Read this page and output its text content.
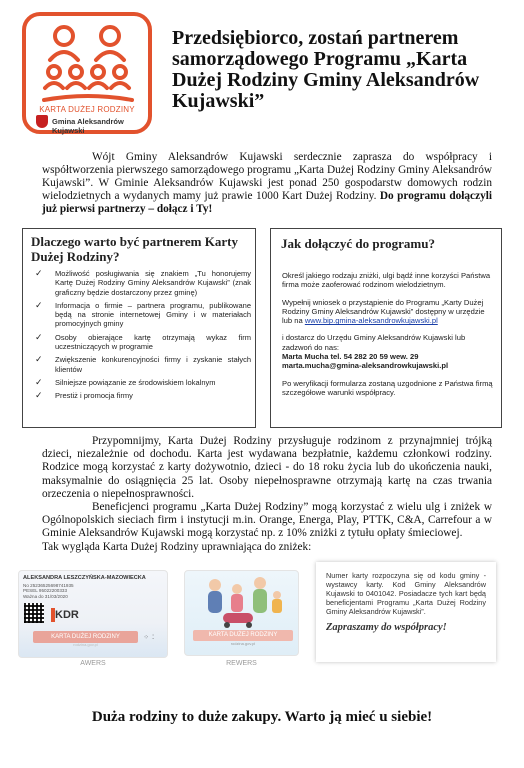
KARTA DUŻEJ RODZINY
Gmina Aleksandrów Kujawski
Przedsiębiorco, zostań partnerem samorządowego Programu „Karta Dużej Rodziny Gminy Aleksandrów Kujawski”

Wójt Gminy Aleksandrów Kujawski serdecznie zaprasza do współpracy i współtworzenia pierwszego samorządowego programu „Karta Dużej Rodziny Gminy Aleksandrów Kujawski”. W Gminie Aleksandrów Kujawski jest ponad 250 gospodarstw domowych rodzin wielodzietnych a wydanych mamy już prawie 1000 Kart Dużej Rodziny. Do programu dołączyli już pierwsi partnerzy – dołącz i Ty!

Dlaczego warto być partnerem Karty Dużej Rodziny?
✓ Możliwość posługiwania się znakiem „Tu honorujemy Kartę Dużej Rodziny Gminy Aleksandrów Kujawski” (znak graficzny będzie dostarczony przez gminę)
✓ Informacja o firmie – partnera programu, publikowane będą na stronie internetowej Gminy i w materiałach promocyjnych gminy
✓ Osoby obierające kartę otrzymają wykaz firm uczestniczących w programie
✓ Zwiększenie konkurencyjności firmy i zyskanie stałych klientów
✓ Silniejsze powiązanie ze środowiskiem lokalnym
✓ Prestiż i promocja firmy
Jak dołączyć do programu?

Określ jakiego rodzaju zniżki, ulgi bądź inne korzyści Państwa firma może zaoferować rodzinom wielodzietnym.

Wypełnij wniosek o przystąpienie do Programu „Karty Dużej Rodziny Gminy Aleksandrów Kujawski” dostępny w urzędzie lub na www.bip.gmina-aleksandrowkujawski.pl

i dostarcz do Urzędu Gminy Aleksandrów Kujawski lub zadzwoń do nas:
Marta Mucha tel. 54 282 20 59 wew. 29
marta.mucha@gmina-aleksandrowkujawski.pl

Po weryfikacji formularza zostaną uzgodnione z Państwa firmą szczegółowe warunki współpracy.

Przypomnijmy, Karta Dużej Rodziny przysługuje rodzinom z przynajmniej trójką dzieci, niezależnie od dochodu. Karta jest wydawana bezpłatnie, każdemu członkowi rodziny. Rodzice mogą korzystać z karty dożywotnio, dzieci - do 18 roku życia lub do ukończenia nauki, maksymalnie do osiągnięcia 25 lat. Osoby niepełnosprawne otrzymają kartę na czas trwania orzeczenia o niepełnosprawności.

Beneficjenci programu „Karta Dużej Rodziny” mogą korzystać z wielu ulg i zniżek w Ogólnopolskich sieciach firm i instytucji m.in. Orange, Energa, Play, PTTK, C&A, Carrefour a w Gminie Aleksandrów Kujawski mogą korzystać np. z 10% zniżki z tytułu opłaty śmieciowej.

Tak wygląda Karta Dużej Rodziny uprawniająca do zniżek:

ALEKSANDRA LESZCZYŃSKA-MAZOWIECKA
No 25236525698741935
PESEL 95022200333
Ważna do 31/03/2020
KDR
KARTA DUŻEJ RODZINY
rodzina.gov.pl
⁘ ⁚
AWERS
KARTA DUŻEJ RODZINY
rodzina.gov.pl
REWERS

Numer karty rozpoczyna się od kodu gminy - wystawcy karty. Kod Gminy Aleksandrów Kujawski to 0401042. Posiadacze tych kart będą beneficjentami Programu „Karta Dużej Rodziny Gminy Aleksandrów Kujawski”.

Zapraszamy do współpracy!

Duża rodziny to duże zakupy. Warto ją mieć u siebie!
